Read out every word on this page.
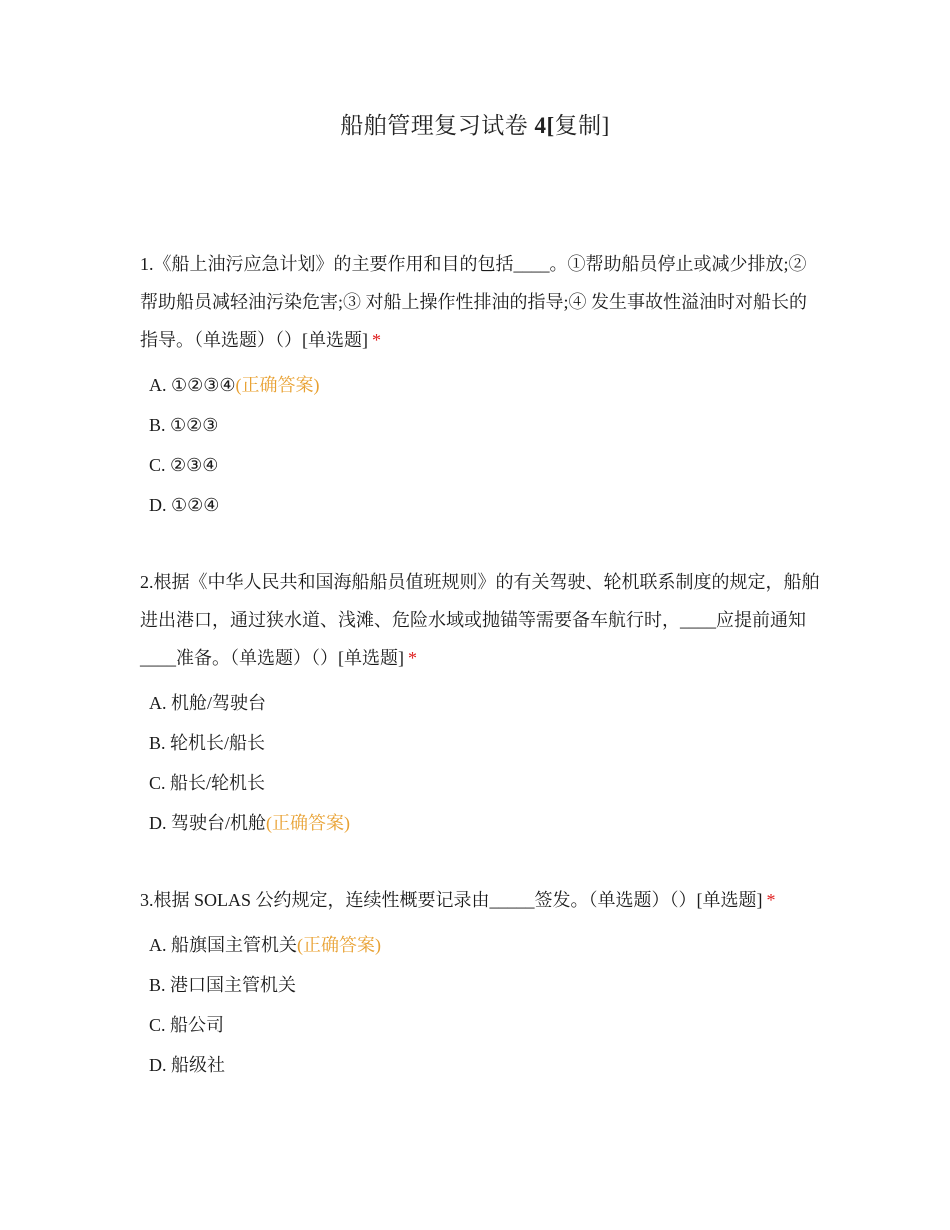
船舶管理复习试卷 4[复制]

1.《船上油污应急计划》的主要作用和目的包括____。①帮助船员停止或减少排放;② 帮助船员减轻油污染危害;③ 对船上操作性排油的指导;④ 发生事故性溢油时对船长的指导。（单选题）（）[单选题] *

A. ①②③④(正确答案)
B. ①②③
C. ②③④
D. ①②④

2.根据《中华人民共和国海船船员值班规则》的有关驾驶、轮机联系制度的规定，船舶进出港口，通过狭水道、浅滩、危险水域或抛锚等需要备车航行时，____应提前通知____准备。（单选题）（）[单选题] *

A. 机舱/驾驶台
B. 轮机长/船长
C. 船长/轮机长
D. 驾驶台/机舱(正确答案)

3.根据 SOLAS 公约规定，连续性概要记录由_____签发。（单选题）（）[单选题] *

A. 船旗国主管机关(正确答案)
B. 港口国主管机关
C. 船公司
D. 船级社
